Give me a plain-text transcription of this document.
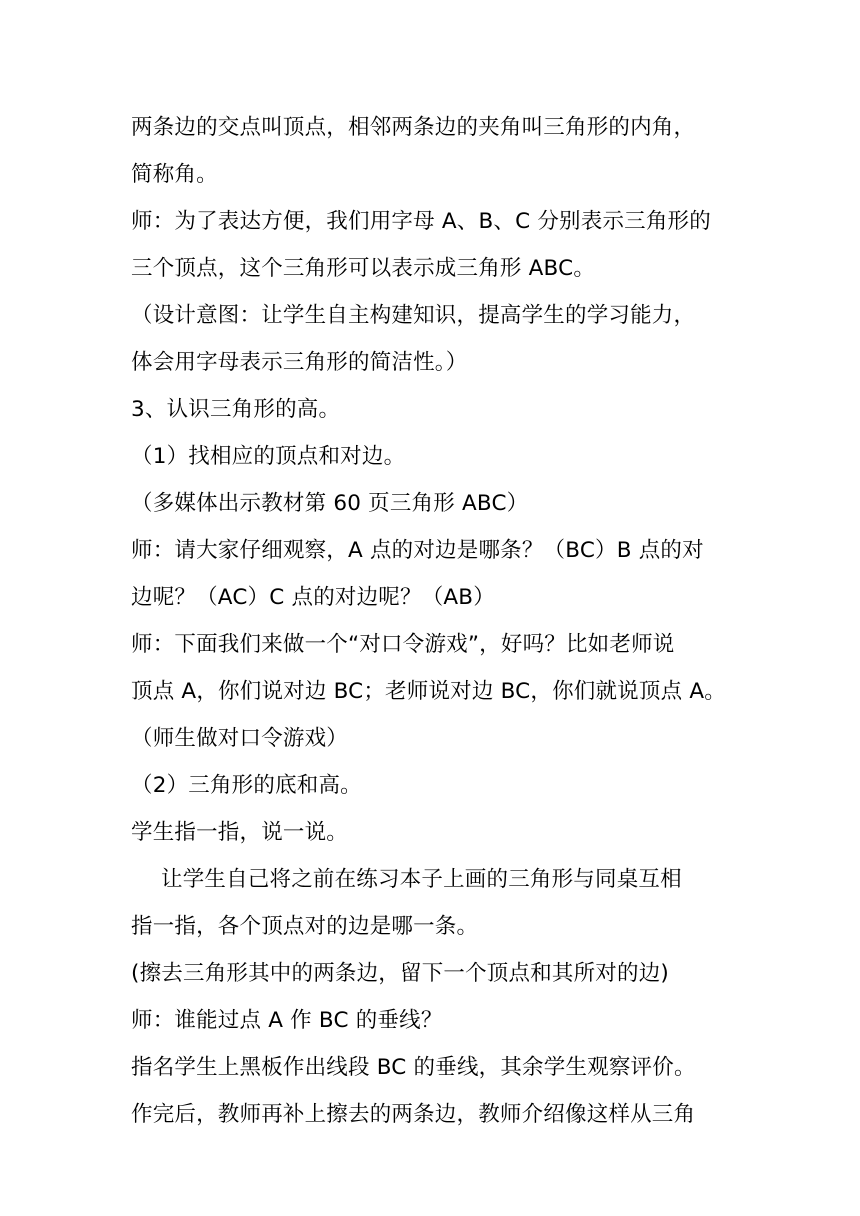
两条边的交点叫顶点，相邻两条边的夹角叫三角形的内角，
简称角。
师：为了表达方便，我们用字母 A、B、C 分别表示三角形的
三个顶点，这个三角形可以表示成三角形 ABC。
（设计意图：让学生自主构建知识，提高学生的学习能力，
体会用字母表示三角形的简洁性。）
3、认识三角形的高。
（1）找相应的顶点和对边。
（多媒体出示教材第 60 页三角形 ABC）
师：请大家仔细观察，A 点的对边是哪条？（BC）B 点的对
边呢？（AC）C 点的对边呢？（AB）
师：下面我们来做一个“对口令游戏”，好吗？比如老师说
顶点 A，你们说对边 BC；老师说对边 BC，你们就说顶点 A。
（师生做对口令游戏）
（2）三角形的底和高。
学生指一指，说一说。
让学生自己将之前在练习本子上画的三角形与同桌互相
指一指，各个顶点对的边是哪一条。
(擦去三角形其中的两条边，留下一个顶点和其所对的边)
师：谁能过点 A 作 BC 的垂线？
指名学生上黑板作出线段 BC 的垂线，其余学生观察评价。
作完后，教师再补上擦去的两条边，教师介绍像这样从三角
